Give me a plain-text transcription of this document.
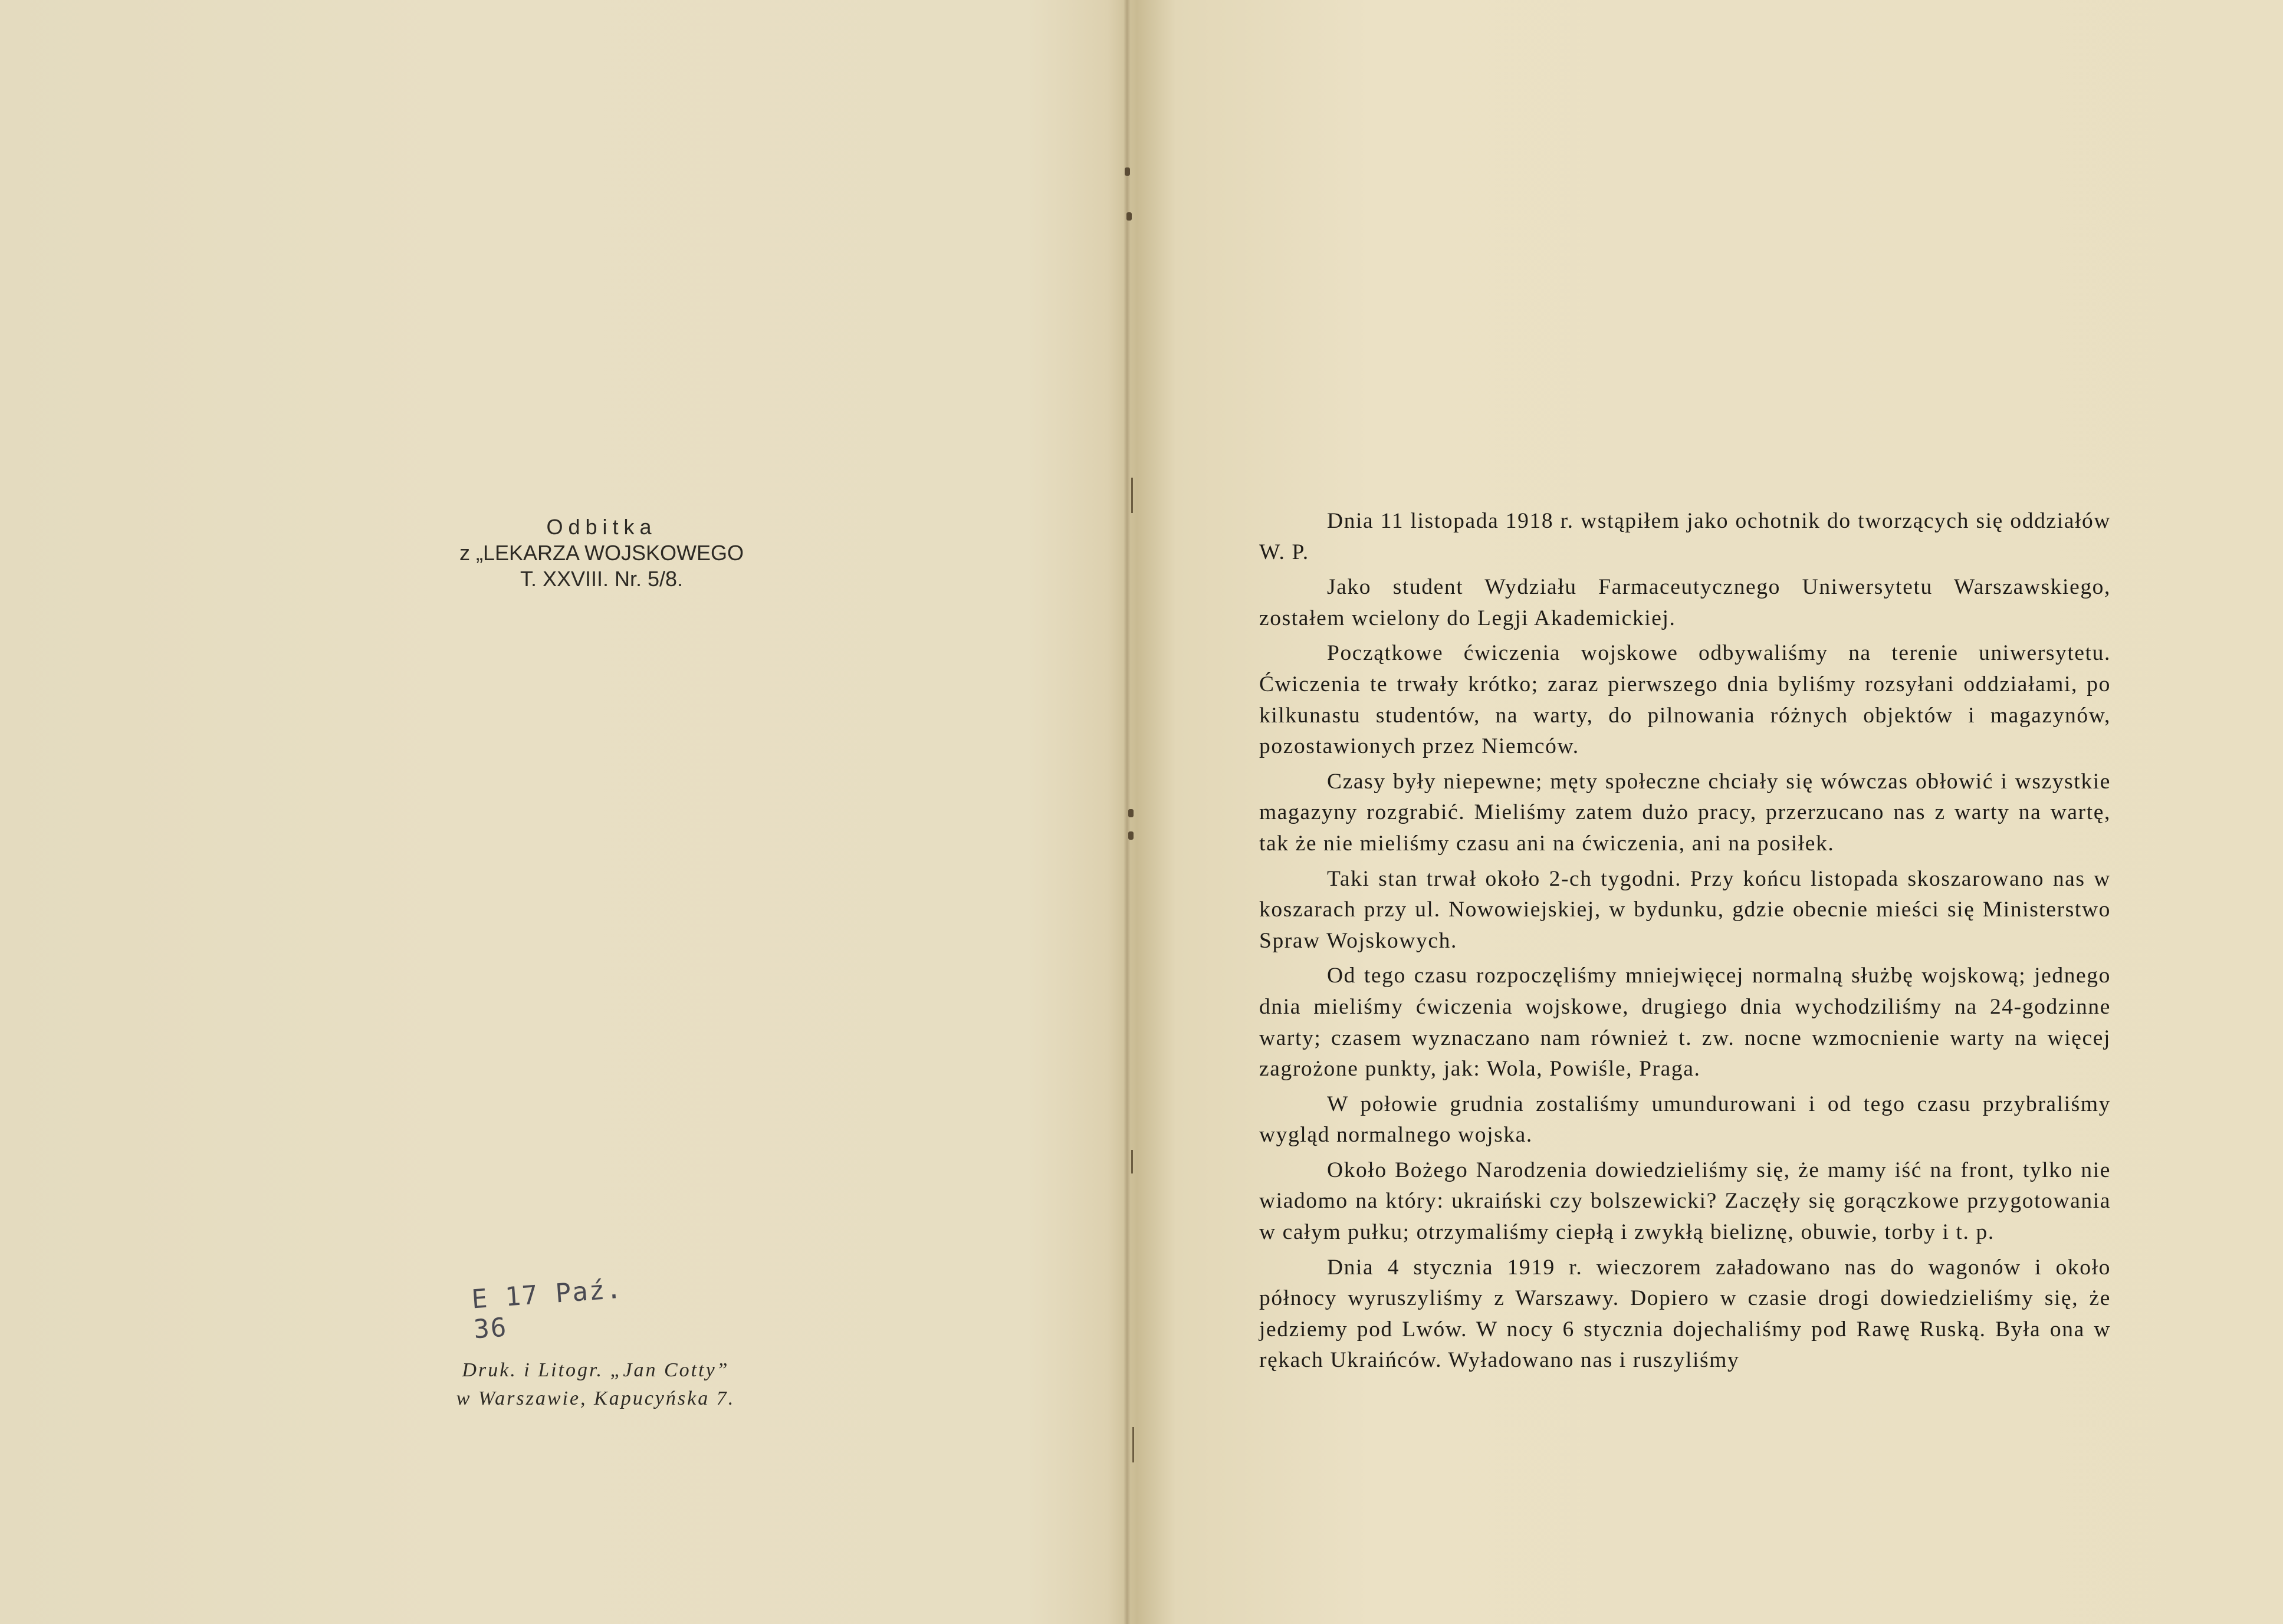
Odbitka
z „LEKARZA WOJSKOWEGO
T. XXVIII. Nr. 5/8.
E 17 Paź. 36
Druk. i Litogr. „Jan Cotty”
w Warszawie, Kapucyńska 7.

Dnia 11 listopada 1918 r. wstąpiłem jako ochotnik do tworzących się oddziałów W. P.

Jako student Wydziału Farmaceutycznego Uniwersytetu Warszawskiego, zostałem wcielony do Legji Akademickiej.

Początkowe ćwiczenia wojskowe odbywaliśmy na terenie uniwersytetu. Ćwiczenia te trwały krótko; zaraz pierwszego dnia byliśmy rozsyłani oddziałami, po kilkunastu studentów, na warty, do pilnowania różnych objektów i magazynów, pozostawionych przez Niemców.

Czasy były niepewne; męty społeczne chciały się wówczas obłowić i wszystkie magazyny rozgrabić. Mieliśmy zatem dużo pracy, przerzucano nas z warty na wartę, tak że nie mieliśmy czasu ani na ćwiczenia, ani na posiłek.

Taki stan trwał około 2-ch tygodni. Przy końcu listopada skoszarowano nas w koszarach przy ul. Nowowiejskiej, w bydunku, gdzie obecnie mieści się Ministerstwo Spraw Wojskowych.

Od tego czasu rozpoczęliśmy mniejwięcej normalną służbę wojskową; jednego dnia mieliśmy ćwiczenia wojskowe, drugiego dnia wychodziliśmy na 24-godzinne warty; czasem wyznaczano nam również t. zw. nocne wzmocnienie warty na więcej zagrożone punkty, jak: Wola, Powiśle, Praga.

W połowie grudnia zostaliśmy umundurowani i od tego czasu przybraliśmy wygląd normalnego wojska.

Około Bożego Narodzenia dowiedzieliśmy się, że mamy iść na front, tylko nie wiadomo na który: ukraiński czy bolszewicki? Zaczęły się gorączkowe przygotowania w całym pułku; otrzymaliśmy ciepłą i zwykłą bieliznę, obuwie, torby i t. p.

Dnia 4 stycznia 1919 r. wieczorem załadowano nas do wagonów i około północy wyruszyliśmy z Warszawy. Dopiero w czasie drogi dowiedzieliśmy się, że jedziemy pod Lwów. W nocy 6 stycznia dojechaliśmy pod Rawę Ruską. Była ona w rękach Ukraińców. Wyładowano nas i ruszyliśmy
